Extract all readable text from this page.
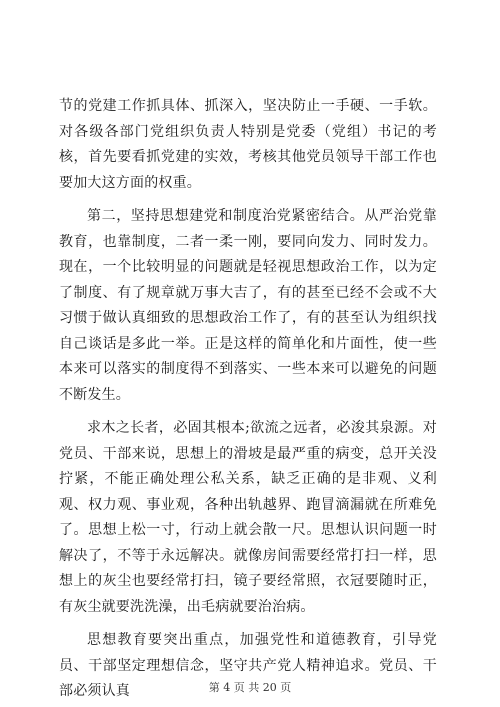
节的党建工作抓具体、抓深入，坚决防止一手硬、一手软。对各级各部门党组织负责人特别是党委（党组）书记的考核，首先要看抓党建的实效，考核其他党员领导干部工作也要加大这方面的权重。

第二，坚持思想建党和制度治党紧密结合。从严治党靠教育，也靠制度，二者一柔一刚，要同向发力、同时发力。现在，一个比较明显的问题就是轻视思想政治工作，以为定了制度、有了规章就万事大吉了，有的甚至已经不会或不大习惯于做认真细致的思想政治工作了，有的甚至认为组织找自己谈话是多此一举。正是这样的简单化和片面性，使一些本来可以落实的制度得不到落实、一些本来可以避免的问题不断发生。

求木之长者，必固其根本;欲流之远者，必浚其泉源。对党员、干部来说，思想上的滑坡是最严重的病变，总开关没拧紧，不能正确处理公私关系，缺乏正确的是非观、义利观、权力观、事业观，各种出轨越界、跑冒滴漏就在所难免了。思想上松一寸，行动上就会散一尺。思想认识问题一时解决了，不等于永远解决。就像房间需要经常打扫一样，思想上的灰尘也要经常打扫，镜子要经常照，衣冠要随时正，有灰尘就要洗洗澡，出毛病就要治治病。

思想教育要突出重点，加强党性和道德教育，引导党员、干部坚定理想信念，坚守共产党人精神追求。党员、干部必须认真	第 4 页 共 20 页
